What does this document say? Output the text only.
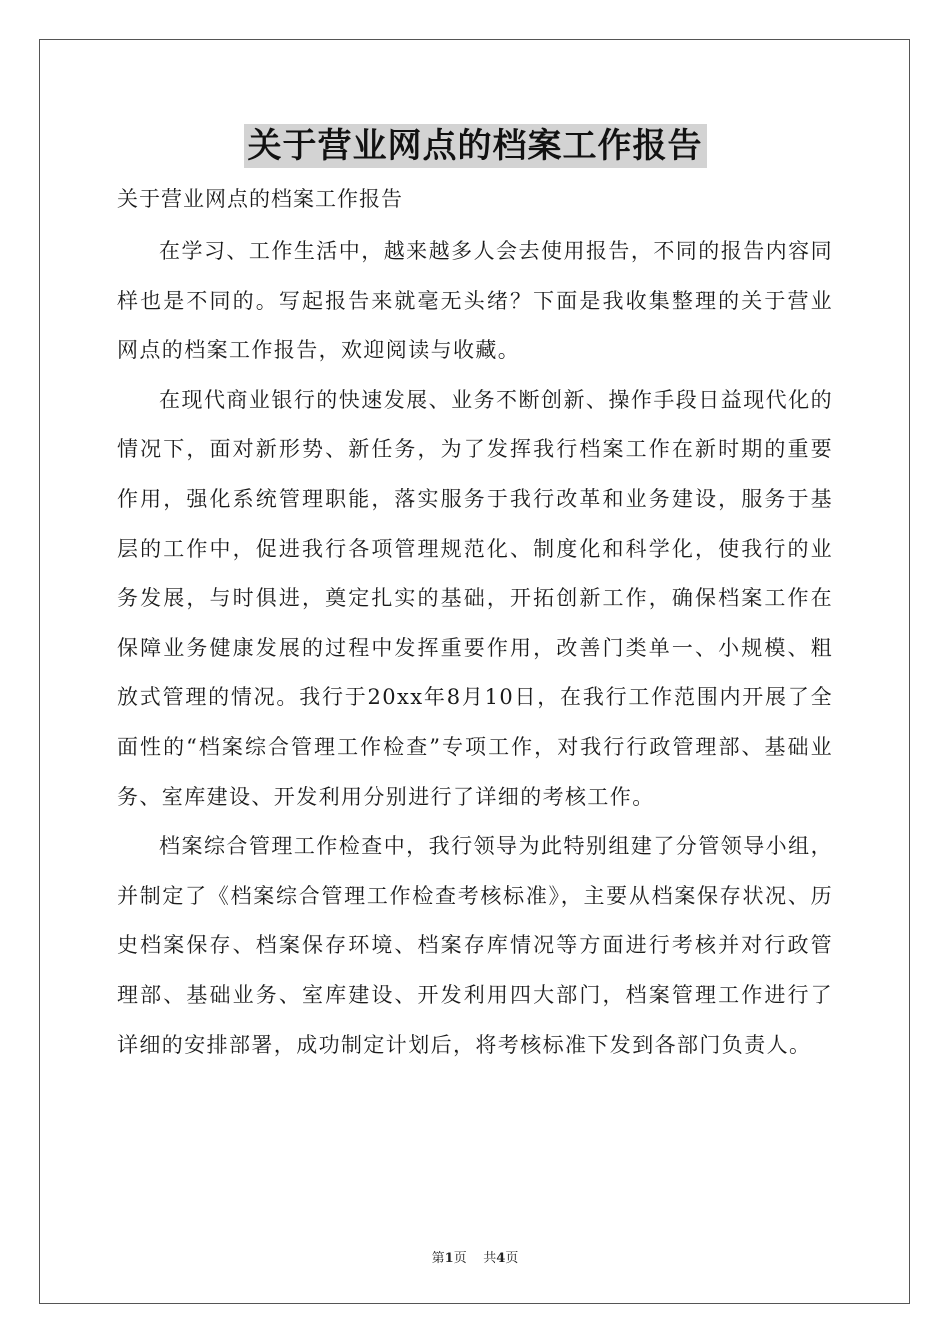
关于营业网点的档案工作报告
关于营业网点的档案工作报告

在学习、工作生活中，越来越多人会去使用报告，不同的报告内容同样也是不同的。写起报告来就毫无头绪？下面是我收集整理的关于营业网点的档案工作报告，欢迎阅读与收藏。

在现代商业银行的快速发展、业务不断创新、操作手段日益现代化的情况下，面对新形势、新任务，为了发挥我行档案工作在新时期的重要作用，强化系统管理职能，落实服务于我行改革和业务建设，服务于基层的工作中，促进我行各项管理规范化、制度化和科学化，使我行的业务发展，与时俱进，奠定扎实的基础，开拓创新工作，确保档案工作在保障业务健康发展的过程中发挥重要作用，改善门类单一、小规模、粗放式管理的情况。我行于20xx年8月10日，在我行工作范围内开展了全面性的“档案综合管理工作检查”专项工作，对我行行政管理部、基础业务、室库建设、开发利用分别进行了详细的考核工作。

档案综合管理工作检查中，我行领导为此特别组建了分管领导小组，并制定了《档案综合管理工作检查考核标准》，主要从档案保存状况、历史档案保存、档案保存环境、档案存库情况等方面进行考核并对行政管理部、基础业务、室库建设、开发利用四大部门，档案管理工作进行了详细的安排部署，成功制定计划后，将考核标准下发到各部门负责人。

第1页 共4页
